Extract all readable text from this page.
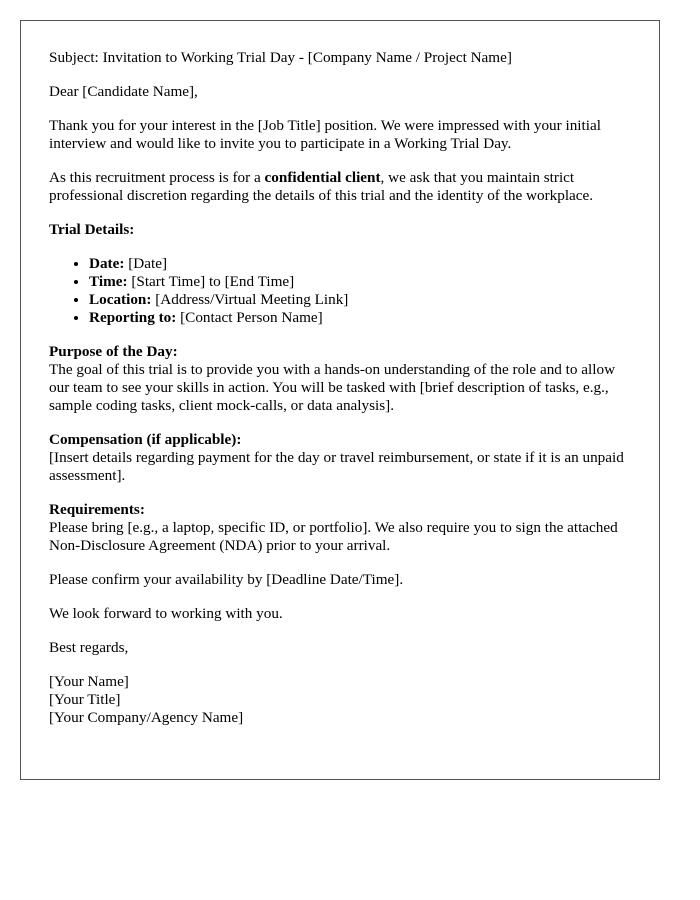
Subject: Invitation to Working Trial Day - [Company Name / Project Name]

Dear [Candidate Name],

Thank you for your interest in the [Job Title] position. We were impressed with your initial interview and would like to invite you to participate in a Working Trial Day.

As this recruitment process is for a confidential client, we ask that you maintain strict professional discretion regarding the details of this trial and the identity of the workplace.

Trial Details:

• Date: [Date]
• Time: [Start Time] to [End Time]
• Location: [Address/Virtual Meeting Link]
• Reporting to: [Contact Person Name]

Purpose of the Day:
The goal of this trial is to provide you with a hands-on understanding of the role and to allow our team to see your skills in action. You will be tasked with [brief description of tasks, e.g., sample coding tasks, client mock-calls, or data analysis].

Compensation (if applicable):
[Insert details regarding payment for the day or travel reimbursement, or state if it is an unpaid assessment].

Requirements:
Please bring [e.g., a laptop, specific ID, or portfolio]. We also require you to sign the attached Non-Disclosure Agreement (NDA) prior to your arrival.

Please confirm your availability by [Deadline Date/Time].

We look forward to working with you.

Best regards,

[Your Name]
[Your Title]
[Your Company/Agency Name]
